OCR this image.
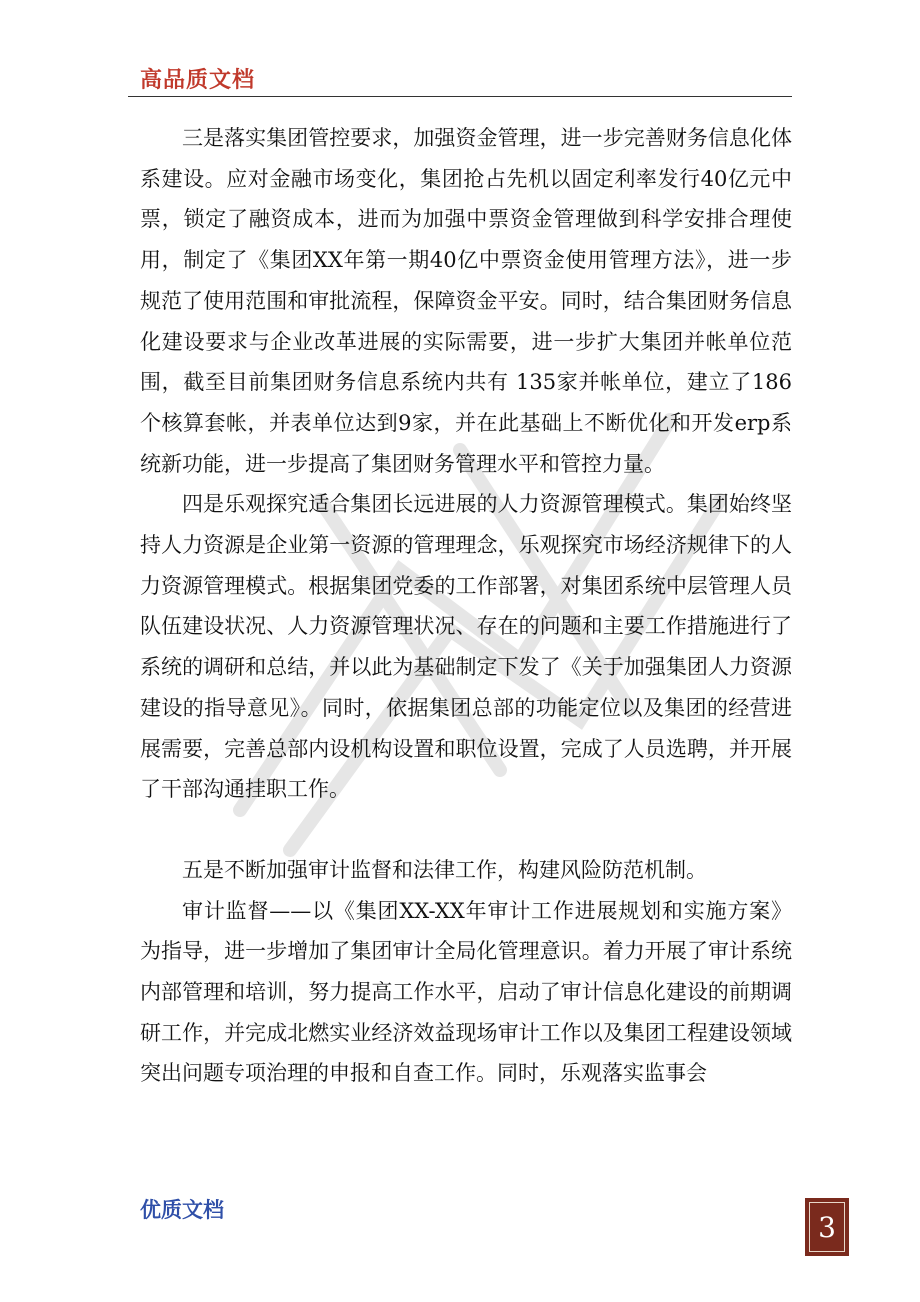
高品质文档

三是落实集团管控要求，加强资金管理，进一步完善财务信息化体系建设。应对金融市场变化，集团抢占先机以固定利率发行40亿元中票，锁定了融资成本，进而为加强中票资金管理做到科学安排合理使用，制定了《集团XX年第一期40亿中票资金使用管理方法》，进一步规范了使用范围和审批流程，保障资金平安。同时，结合集团财务信息化建设要求与企业改革进展的实际需要，进一步扩大集团并帐单位范围，截至目前集团财务信息系统内共有 135家并帐单位，建立了186个核算套帐，并表单位达到9家，并在此基础上不断优化和开发erp系统新功能，进一步提高了集团财务管理水平和管控力量。

四是乐观探究适合集团长远进展的人力资源管理模式。集团始终坚持人力资源是企业第一资源的管理理念，乐观探究市场经济规律下的人力资源管理模式。根据集团党委的工作部署，对集团系统中层管理人员队伍建设状况、人力资源管理状况、存在的问题和主要工作措施进行了系统的调研和总结，并以此为基础制定下发了《关于加强集团人力资源建设的指导意见》。同时，依据集团总部的功能定位以及集团的经营进展需要，完善总部内设机构设置和职位设置，完成了人员选聘，并开展了干部沟通挂职工作。

五是不断加强审计监督和法律工作，构建风险防范机制。

审计监督——以《集团XX-XX年审计工作进展规划和实施方案》为指导，进一步增加了集团审计全局化管理意识。着力开展了审计系统内部管理和培训，努力提高工作水平，启动了审计信息化建设的前期调研工作，并完成北燃实业经济效益现场审计工作以及集团工程建设领域突出问题专项治理的申报和自查工作。同时，乐观落实监事会

优质文档
3
